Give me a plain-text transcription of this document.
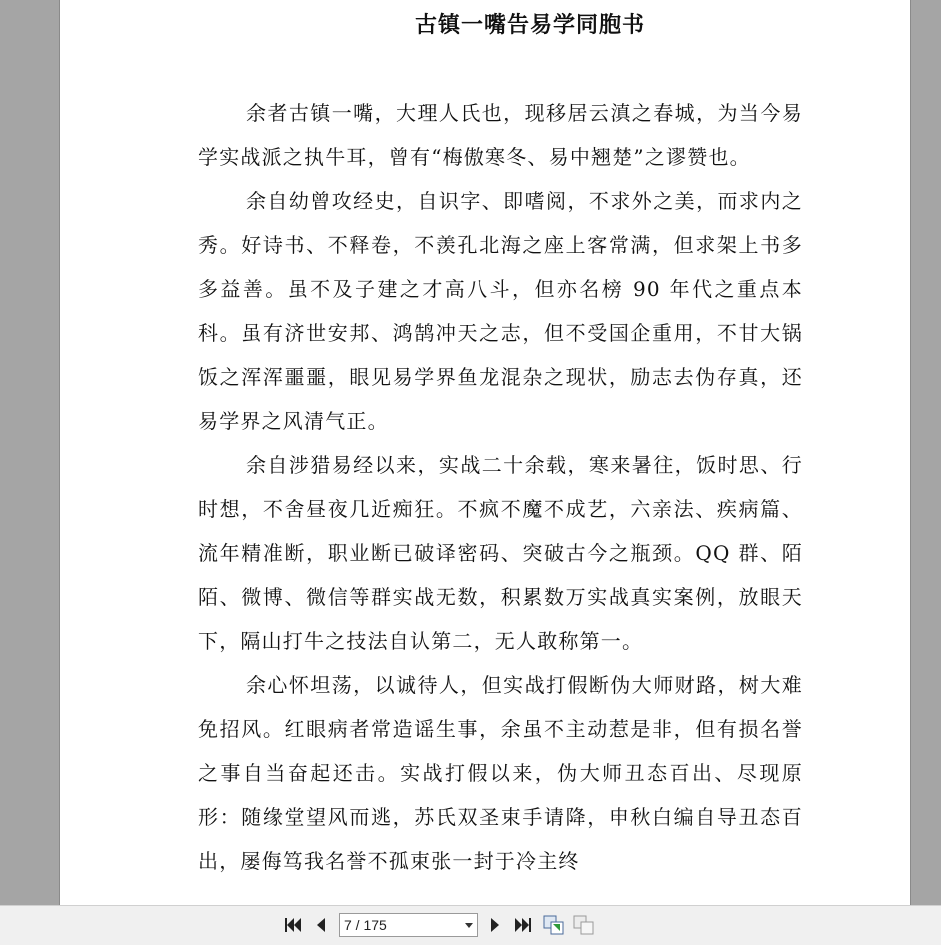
古镇一嘴告易学同胞书

余者古镇一嘴，大理人氏也，现移居云滇之春城，为当今易学实战派之执牛耳，曾有“梅傲寒冬、易中翘楚”之谬赞也。

余自幼曾攻经史，自识字、即嗜阅，不求外之美，而求内之秀。好诗书、不释卷，不羡孔北海之座上客常满，但求架上书多多益善。虽不及子建之才高八斗，但亦名榜 90 年代之重点本科。虽有济世安邦、鸿鹄冲天之志，但不受国企重用，不甘大锅饭之浑浑噩噩，眼见易学界鱼龙混杂之现状，励志去伪存真，还易学界之风清气正。

余自涉猎易经以来，实战二十余载，寒来暑往，饭时思、行时想，不舍昼夜几近痴狂。不疯不魔不成艺，六亲法、疾病篇、流年精准断，职业断已破译密码、突破古今之瓶颈。QQ 群、陌陌、微博、微信等群实战无数，积累数万实战真实案例，放眼天下，隔山打牛之技法自认第二，无人敢称第一。

余心怀坦荡，以诚待人，但实战打假断伪大师财路，树大难免招风。红眼病者常造谣生事，余虽不主动惹是非，但有损名誉之事自当奋起还击。实战打假以来，伪大师丑态百出、尽现原形：随缘堂望风而逃，苏氏双圣束手请降，申秋白编自导丑态百出，屡侮笃我名誉不孤束张一封于冷主终

7 / 175
